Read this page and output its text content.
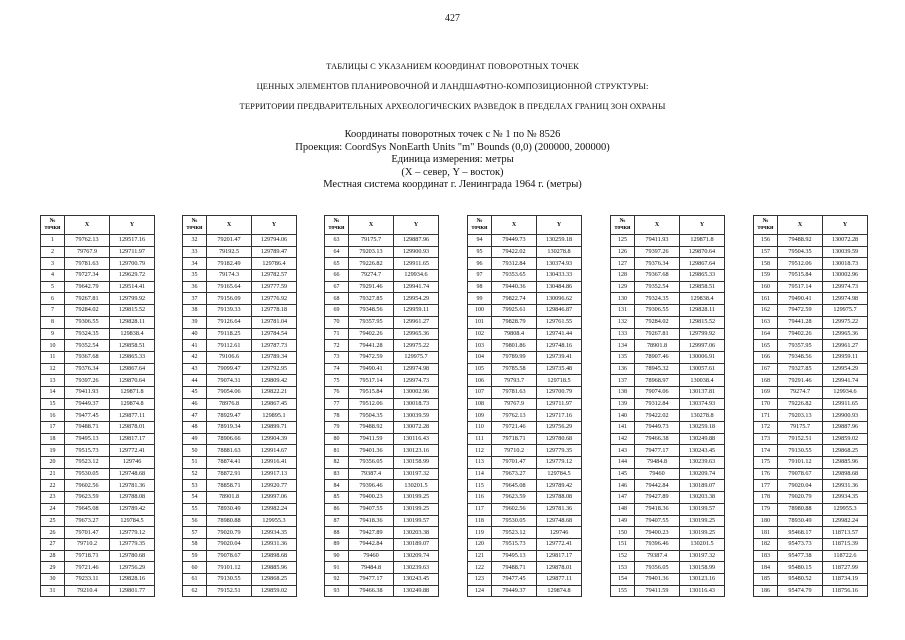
427
ТАБЛИЦЫ С УКАЗАНИЕМ КООРДИНАТ ПОВОРОТНЫХ ТОЧЕК
ЦЕННЫХ ЭЛЕМЕНТОВ ПЛАНИРОВОЧНОЙ И ЛАНДШАФТНО-КОМПОЗИЦИОННОЙ СТРУКТУРЫ:
ТЕРРИТОРИИ ПРЕДВАРИТЕЛЬНЫХ АРХЕОЛОГИЧЕСКИХ РАЗВЕДОК В ПРЕДЕЛАХ ГРАНИЦ ЗОН ОХРАНЫ
Координаты поворотных точек с № 1 по № 8526
Проекция: CoordSys NonEarth Units "m" Bounds (0,0) (200000, 200000)
Единица измерения: метры
(X – север, Y – восток)
Местная система координат г. Ленинграда 1964 г. (метры)
№
точки	X	Y
1	79762.13	129517.16
2	79767.9	129711.97
3	79781.63	129700.79
4	79727.34	129629.72
5	79642.79	129514.41
6	79267.81	129799.92
7	79284.02	129815.52
8	79306.55	129828.11
9	79324.35	129838.4
10	79352.54	129858.51
11	79367.68	129865.33
12	79376.34	129867.64
13	79397.26	129870.64
14	79411.93	129871.8
15	79449.37	129874.8
16	79477.45	129877.11
17	79488.71	129878.01
18	79495.13	129817.17
19	79515.73	129772.41
20	79523.12	129746
21	79530.05	129748.68
22	79602.56	129781.36
23	79623.59	129788.08
24	79645.08	129789.42
25	79673.27	129784.5
26	79701.47	129779.12
27	79710.2	129779.35
28	79718.71	129780.68
29	79721.46	129756.29
30	79233.11	129828.16
31	79210.4	129801.77
№
точки	X	Y
32	79201.47	129794.06
33	79192.5	129789.47
34	79182.49	129786.4
35	79174.3	129782.57
36	79165.64	129777.59
37	79156.09	129776.92
38	79139.33	129778.18
39	79126.64	129781.04
40	79118.25	129784.54
41	79112.61	129787.73
42	79106.6	129789.34
43	79099.47	129792.95
44	79074.31	129809.42
45	79054.06	129822.21
46	78976.8	129867.45
47	78929.47	129895.1
48	78919.34	129899.71
49	78906.66	129904.39
50	78881.63	129914.67
51	78874.41	129916.41
52	78872.91	129917.13
53	78858.71	129920.77
54	78901.8	129997.06
55	78930.49	129982.24
56	78980.88	129955.3
57	79020.79	129934.35
58	79020.04	129931.36
59	79078.67	129898.68
60	79101.12	129885.96
61	79130.55	129868.25
62	79152.51	129859.02
№
точки	X	Y
63	79175.7	129887.96
64	79203.13	129900.93
65	79226.82	129911.65
66	79274.7	129934.6
67	79291.46	129941.74
68	79327.85	129954.29
69	79348.56	129959.11
70	79357.95	129961.27
71	79402.26	129965.36
72	79441.28	129975.22
73	79472.59	129975.7
74	79490.41	129974.98
75	79517.14	129974.73
76	79515.84	130002.96
77	79512.06	130018.73
78	79504.35	130039.59
79	79488.92	130072.28
80	79411.59	130116.43
81	79401.36	130123.16
82	79356.05	130158.99
83	79387.4	130197.32
84	79396.46	130201.5
85	79400.23	130199.25
86	79407.55	130199.25
87	79418.36	130199.57
88	79427.89	130203.38
89	79442.84	130189.07
90	79460	130209.74
91	79484.8	130239.63
92	79477.17	130243.45
93	79466.38	130249.88
№
точки	X	Y
94	79449.73	130259.18
95	79422.02	130278.8
96	79312.84	130374.93
97	79353.65	130433.33
98	79440.36	130484.86
99	79822.74	130096.62
100	79925.61	129846.87
101	79828.79	129761.55
102	79808.4	129741.44
103	79801.86	129748.16
104	79789.99	129739.41
105	79785.58	129735.48
106	79793.7	129718.5
107	79781.63	129700.79
108	79767.9	129711.97
109	79762.13	129717.16
110	79721.46	129756.29
111	79718.71	129780.68
112	79710.2	129779.35
113	79701.47	129779.12
114	79673.27	129784.5
115	79645.08	129789.42
116	79623.59	129788.08
117	79602.56	129781.36
118	79530.05	129748.68
119	79523.12	129746
120	79515.73	129772.41
121	79495.13	129817.17
122	79488.71	129878.01
123	79477.45	129877.11
124	79449.37	129874.8
№
точки	X	Y
125	79411.93	129871.8
126	79397.26	129870.64
127	79376.34	129867.64
128	79367.68	129865.33
129	79352.54	129858.51
130	79324.35	129838.4
131	79306.55	129828.11
132	79284.02	129815.52
133	79267.81	129799.92
134	78901.8	129997.06
135	78907.46	130006.91
136	78945.32	130057.61
137	78968.97	130038.4
138	79074.06	130137.81
139	79312.84	130374.93
140	79422.02	130278.8
141	79449.73	130259.18
142	79466.38	130249.88
143	79477.17	130243.45
144	79484.8	130239.63
145	79460	130209.74
146	79442.84	130189.07
147	79427.89	130203.38
148	79418.36	130199.57
149	79407.55	130199.25
150	79400.23	130199.25
151	79396.46	130201.5
152	79387.4	130197.32
153	79356.05	130158.99
154	79401.36	130123.16
155	79411.59	130116.43
№
точки	X	Y
156	79488.92	130072.28
157	79504.35	130039.59
158	79512.06	130018.73
159	79515.84	130002.96
160	79517.14	129974.73
161	79490.41	129974.98
162	79472.59	129975.7
163	79441.28	129975.22
164	79402.26	129965.36
165	79357.95	129961.27
166	79348.56	129959.11
167	79327.85	129954.29
168	79291.46	129941.74
169	79274.7	129934.6
170	79226.82	129911.65
171	79203.13	129900.93
172	79175.7	129887.96
173	79152.51	129859.02
174	79130.55	129868.25
175	79101.12	129885.96
176	79078.67	129898.68
177	79020.04	129931.36
178	79020.79	129934.35
179	78980.88	129955.3
180	78930.49	129982.24
181	95468.17	118713.57
182	95473.73	118715.39
183	95477.38	118722.6
184	95480.15	118727.99
185	95480.52	118734.19
186	95474.79	118756.16
